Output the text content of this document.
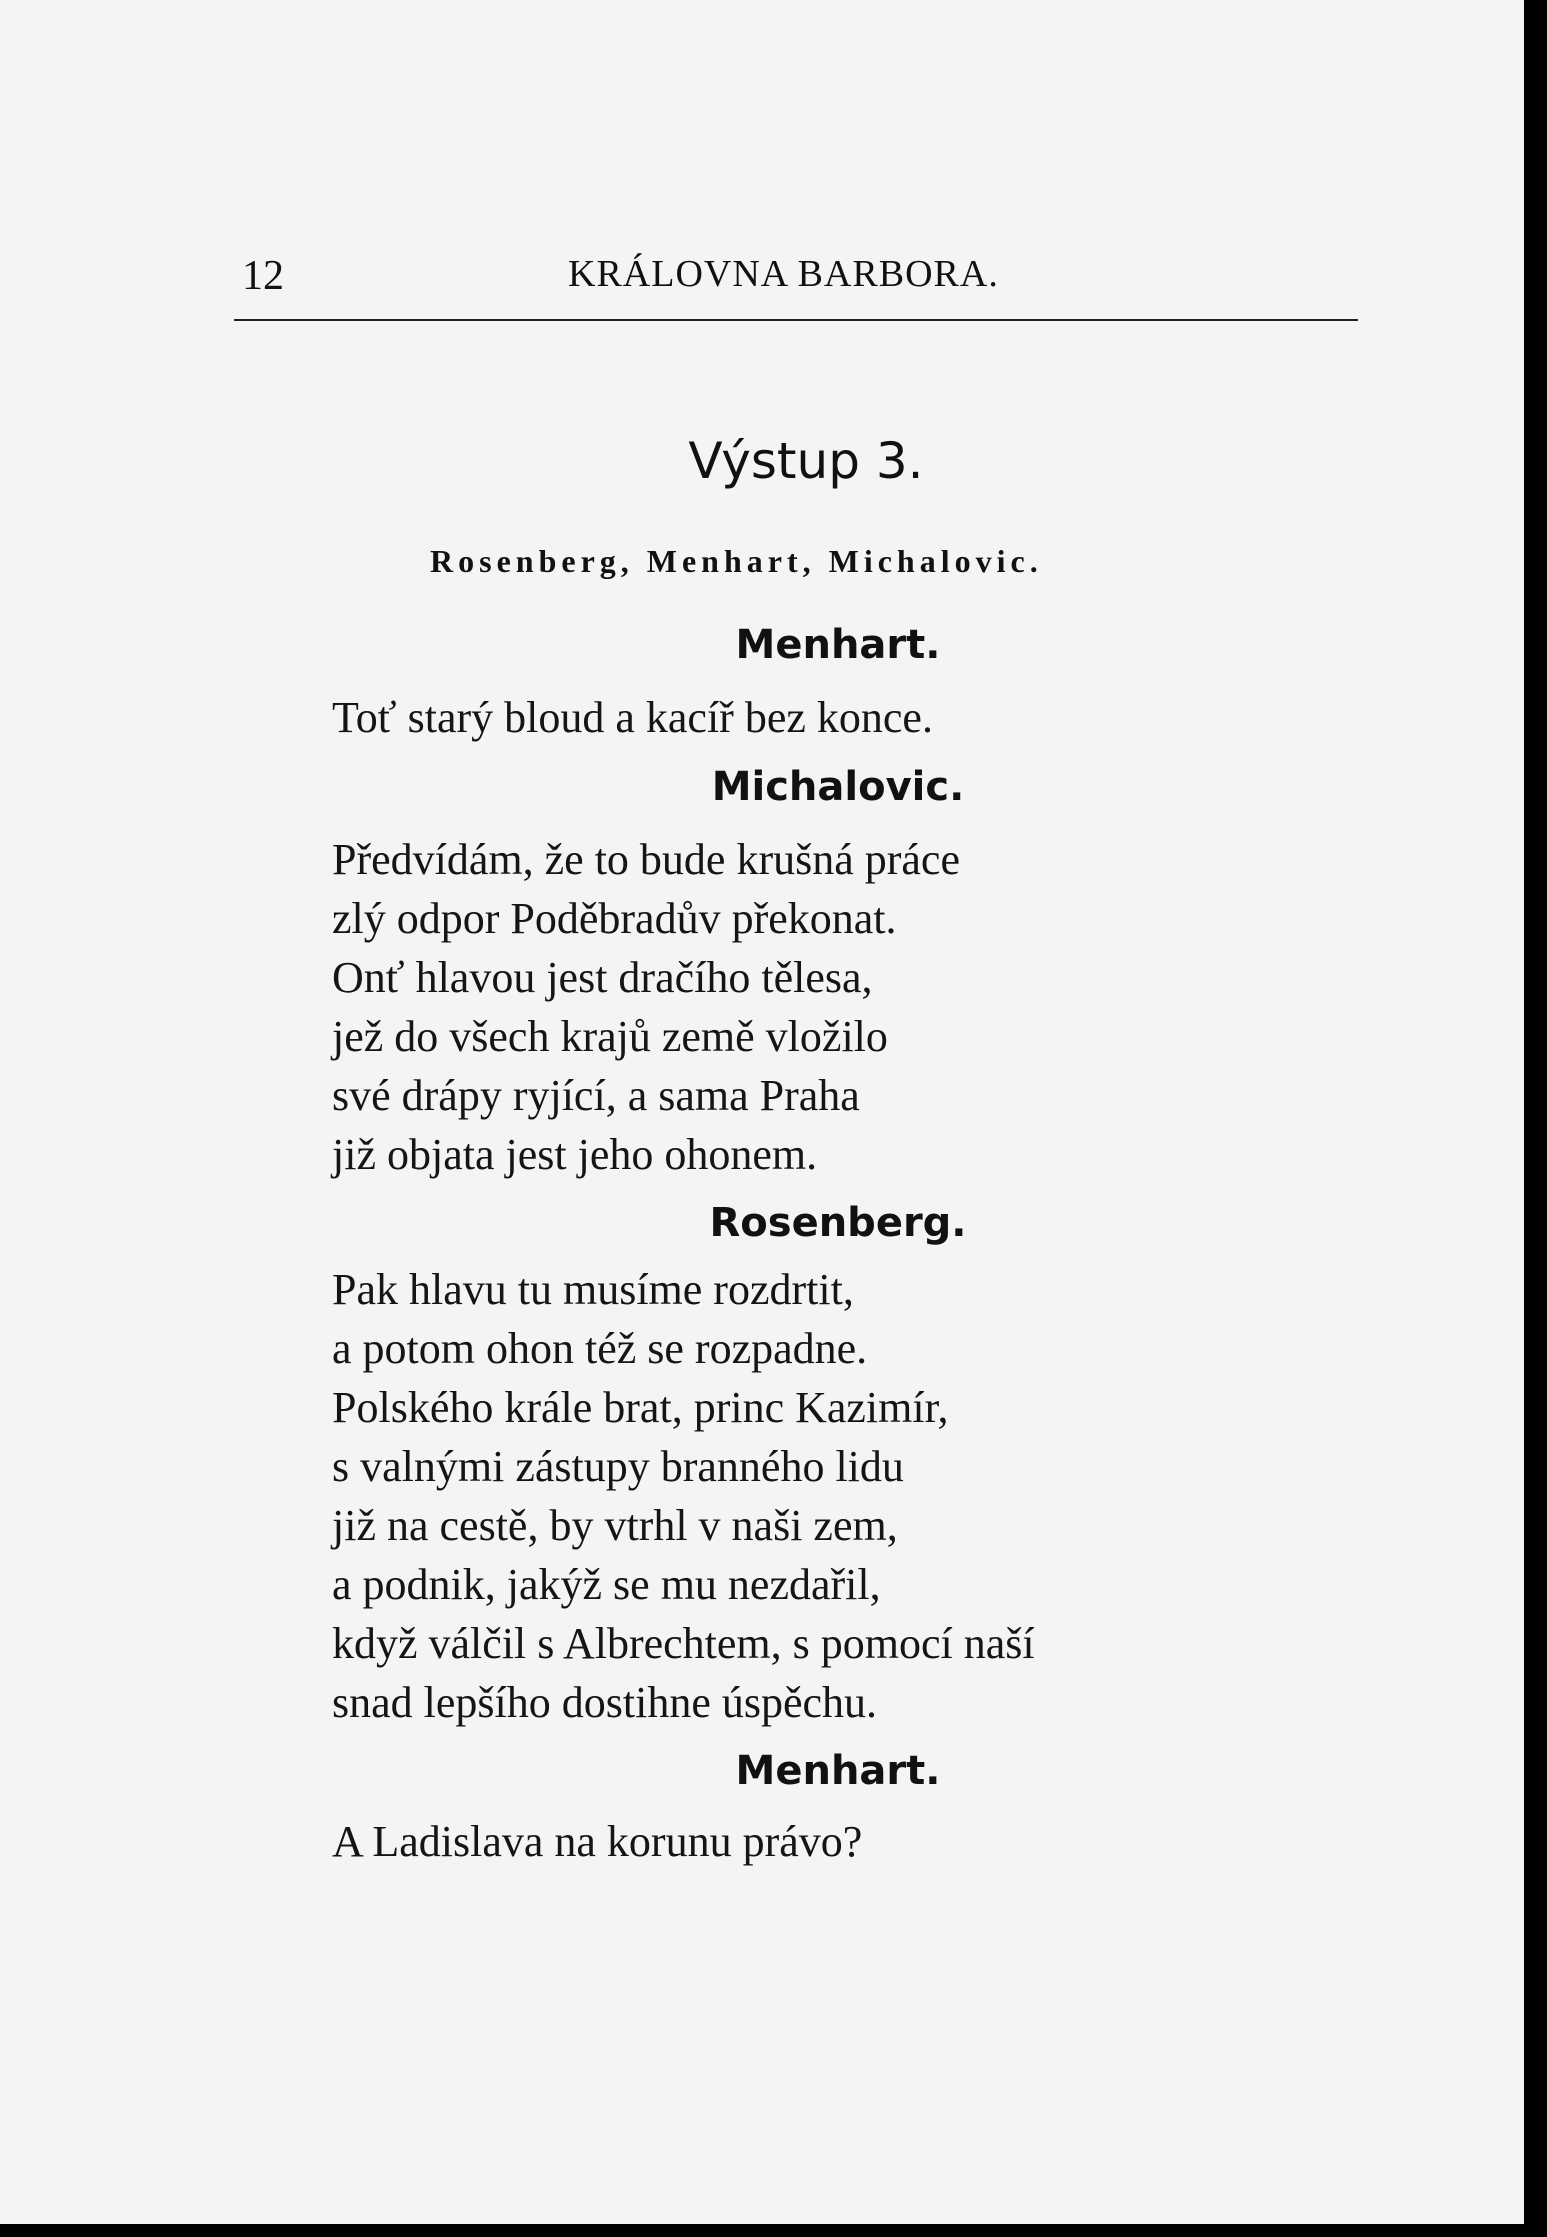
12	KRÁLOVNA BARBORA.
Výstup 3.
Rosenberg, Menhart, Michalovic.
Menhart.
Toť starý bloud a kacíř bez konce.
Michalovic.
Předvídám, že to bude krušná práce
zlý odpor Poděbradův překonat.
Onť hlavou jest dračího tělesa,
jež do všech krajů země vložilo
své drápy ryjící, a sama Praha
již objata jest jeho ohonem.
Rosenberg.
Pak hlavu tu musíme rozdrtit,
a potom ohon též se rozpadne.
Polského krále brat, princ Kazimír,
s valnými zástupy branného lidu
již na cestě, by vtrhl v naši zem,
a podnik, jakýž se mu nezdařil,
když válčil s Albrechtem, s pomocí naší
snad lepšího dostihne úspěchu.
Menhart.
A Ladislava na korunu právo?
